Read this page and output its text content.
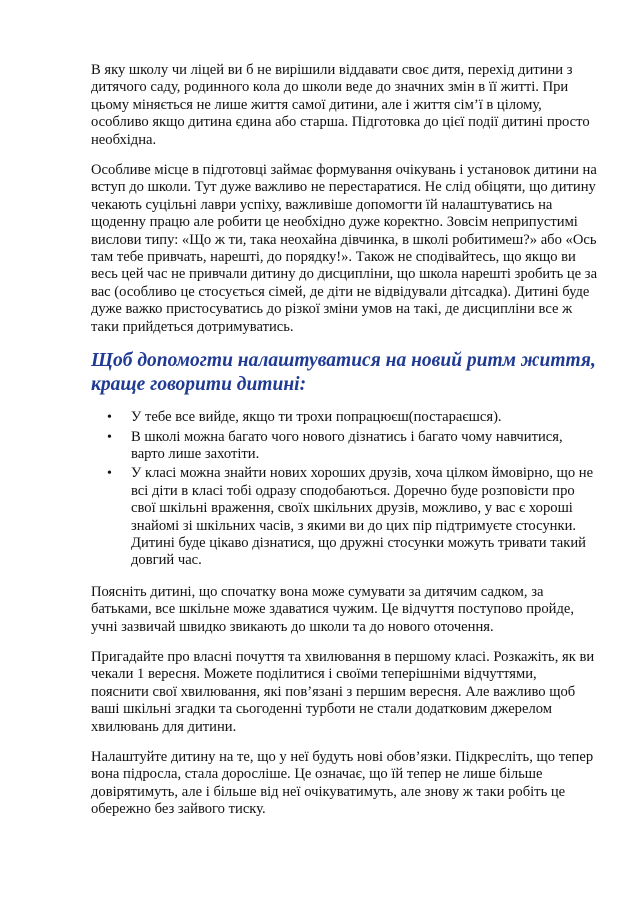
В яку школу чи ліцей ви б не вирішили віддавати своє дитя, перехід дитини з дитячого саду, родинного кола до школи веде до значних змін в її житті. При цьому міняється не лише життя самої дитини, але і життя сім’ї в цілому, особливо якщо дитина єдина або старша. Підготовка до цієї події дитині просто необхідна.

Особливе місце в підготовці займає формування очікувань і установок дитини на вступ до школи. Тут дуже важливо не перестаратися. Не слід обіцяти, що дитину чекають суцільні лаври успіху, важливіше допомогти їй налаштуватись на щоденну працю але робити це необхідно дуже коректно. Зовсім неприпустимі вислови типу: «Що ж ти, така неохайна дівчинка, в школі робитимеш?» або «Ось там тебе привчать, нарешті, до порядку!». Також не сподівайтесь, що якщо ви весь цей час не привчали дитину до дисципліни, що школа нарешті зробить це за вас (особливо це стосується сімей, де діти не відвідували дітсадка). Дитині буде дуже важко пристосуватись до різкої зміни умов на такі, де дисципліни все ж таки прийдеться дотримуватись.

Щоб допомогти налаштуватися на новий ритм життя, краще говорити дитині:
• У тебе все вийде, якщо ти трохи попрацюєш(постараєшся).
• В школі можна багато чого нового дізнатись і багато чому навчитися, варто лише захотіти.
• У класі можна знайти нових хороших друзів, хоча цілком ймовірно, що не всі діти в класі тобі одразу сподобаються. Доречно буде розповісти про свої шкільні враження, своїх шкільних друзів, можливо, у вас є хороші знайомі зі шкільних часів, з якими ви до цих пір підтримуєте стосунки. Дитині буде цікаво дізнатися, що дружні стосунки можуть тривати такий довгий час.

Поясніть дитині, що спочатку вона може сумувати за дитячим садком, за батьками, все шкільне може здаватися чужим. Це відчуття поступово пройде, учні зазвичай швидко звикають до школи та до нового оточення.

Пригадайте про власні почуття та хвилювання в першому класі. Розкажіть, як ви чекали 1 вересня. Можете поділитися і своїми теперішніми відчуттями, пояснити свої хвилювання, які пов’язані з першим вересня. Але важливо щоб ваші шкільні згадки та сьогоденні турботи не стали додатковим джерелом хвилювань для дитини.

Налаштуйте дитину на те, що у неї будуть нові обов’язки. Підкресліть, що тепер вона підросла, стала дорослiше. Це означає, що їй тепер не лише більше довірятимуть, але і більше від неї очікуватимуть, але знову ж таки робіть це обережно без зайвого тиску.
